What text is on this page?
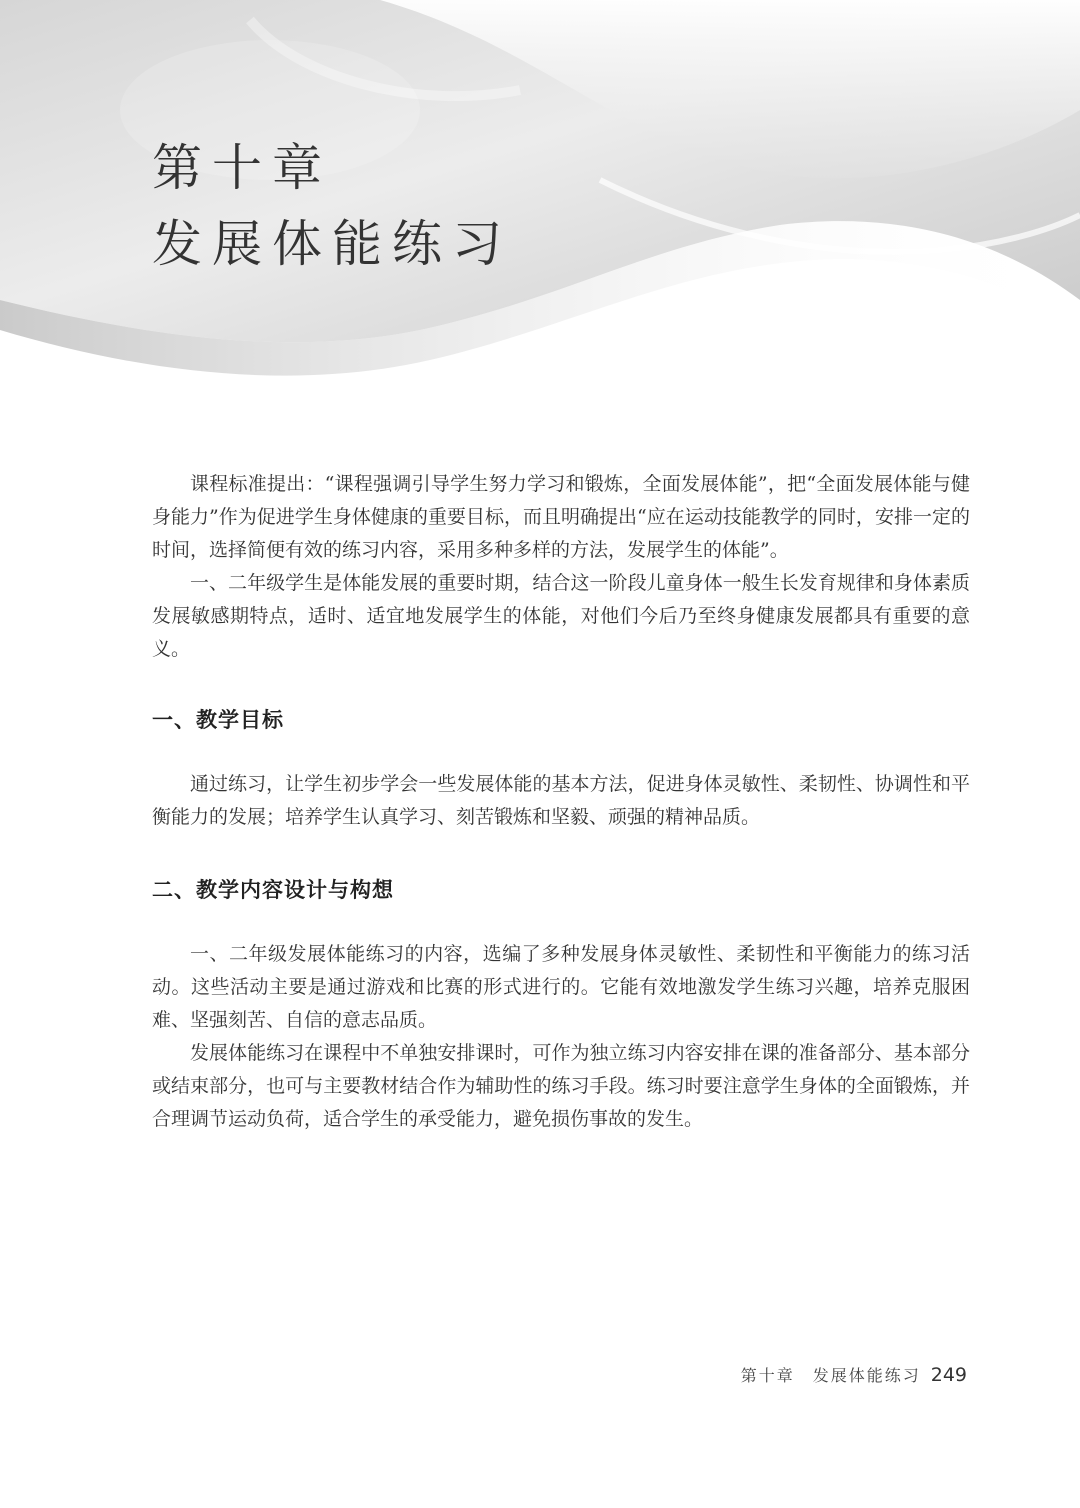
第十章
发展体能练习

课程标准提出：“课程强调引导学生努力学习和锻炼，全面发展体能”，把“全面发展体能与健身能力”作为促进学生身体健康的重要目标，而且明确提出“应在运动技能教学的同时，安排一定的时间，选择简便有效的练习内容，采用多种多样的方法，发展学生的体能”。

一、二年级学生是体能发展的重要时期，结合这一阶段儿童身体一般生长发育规律和身体素质发展敏感期特点，适时、适宜地发展学生的体能，对他们今后乃至终身健康发展都具有重要的意义。

一、教学目标

通过练习，让学生初步学会一些发展体能的基本方法，促进身体灵敏性、柔韧性、协调性和平衡能力的发展；培养学生认真学习、刻苦锻炼和坚毅、顽强的精神品质。

二、教学内容设计与构想

一、二年级发展体能练习的内容，选编了多种发展身体灵敏性、柔韧性和平衡能力的练习活动。这些活动主要是通过游戏和比赛的形式进行的。它能有效地激发学生练习兴趣，培养克服困难、坚强刻苦、自信的意志品质。

发展体能练习在课程中不单独安排课时，可作为独立练习内容安排在课的准备部分、基本部分或结束部分，也可与主要教材结合作为辅助性的练习手段。练习时要注意学生身体的全面锻炼，并合理调节运动负荷，适合学生的承受能力，避免损伤事故的发生。

第十章　发展体能练习 249
